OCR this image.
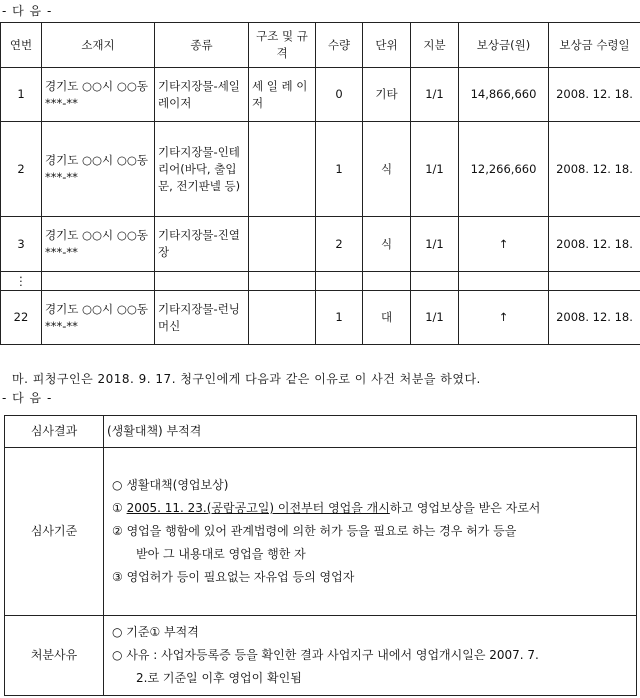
- 다 음 -
연번	소재지	종류	구조 및 규격	수량	단위	지분	보상금(원)	보상금 수령일
1	경기도 ○○시 ○○동 ***-**	기타지장물-세일레이저	세 일 레 이저	0	기타	1/1	14,866,660	2008. 12. 18.
2	경기도 ○○시 ○○동 ***-**	기타지장물-인테리어(바닥, 출입문, 전기판넬 등)		1	식	1/1	12,266,660	2008. 12. 18.
3	경기도 ○○시 ○○동 ***-**	기타지장물-진열장		2	식	1/1	↑	2008. 12. 18.
⋮								
22	경기도 ○○시 ○○동 ***-**	기타지장물-런닝머신		1	대	1/1	↑	2008. 12. 18.
마. 피청구인은 2018. 9. 17. 청구인에게 다음과 같은 이유로 이 사건 처분을 하였다.
- 다 음 -
심사결과	(생활대책) 부적격
심사기준	○ 생활대책(영업보상)
① 2005. 11. 23.(공람공고일) 이전부터 영업을 개시하고 영업보상을 받은 자로서
② 영업을 행함에 있어 관계법령에 의한 허가 등을 필요로 하는 경우 허가 등을
받아 그 내용대로 영업을 행한 자
③ 영업허가 등이 필요없는 자유업 등의 영업자

처분사유	○ 기준① 부적격
○ 사유 : 사업자등록증 등을 확인한 결과 사업지구 내에서 영업개시일은 2007. 7.
2.로 기준일 이후 영업이 확인됨
